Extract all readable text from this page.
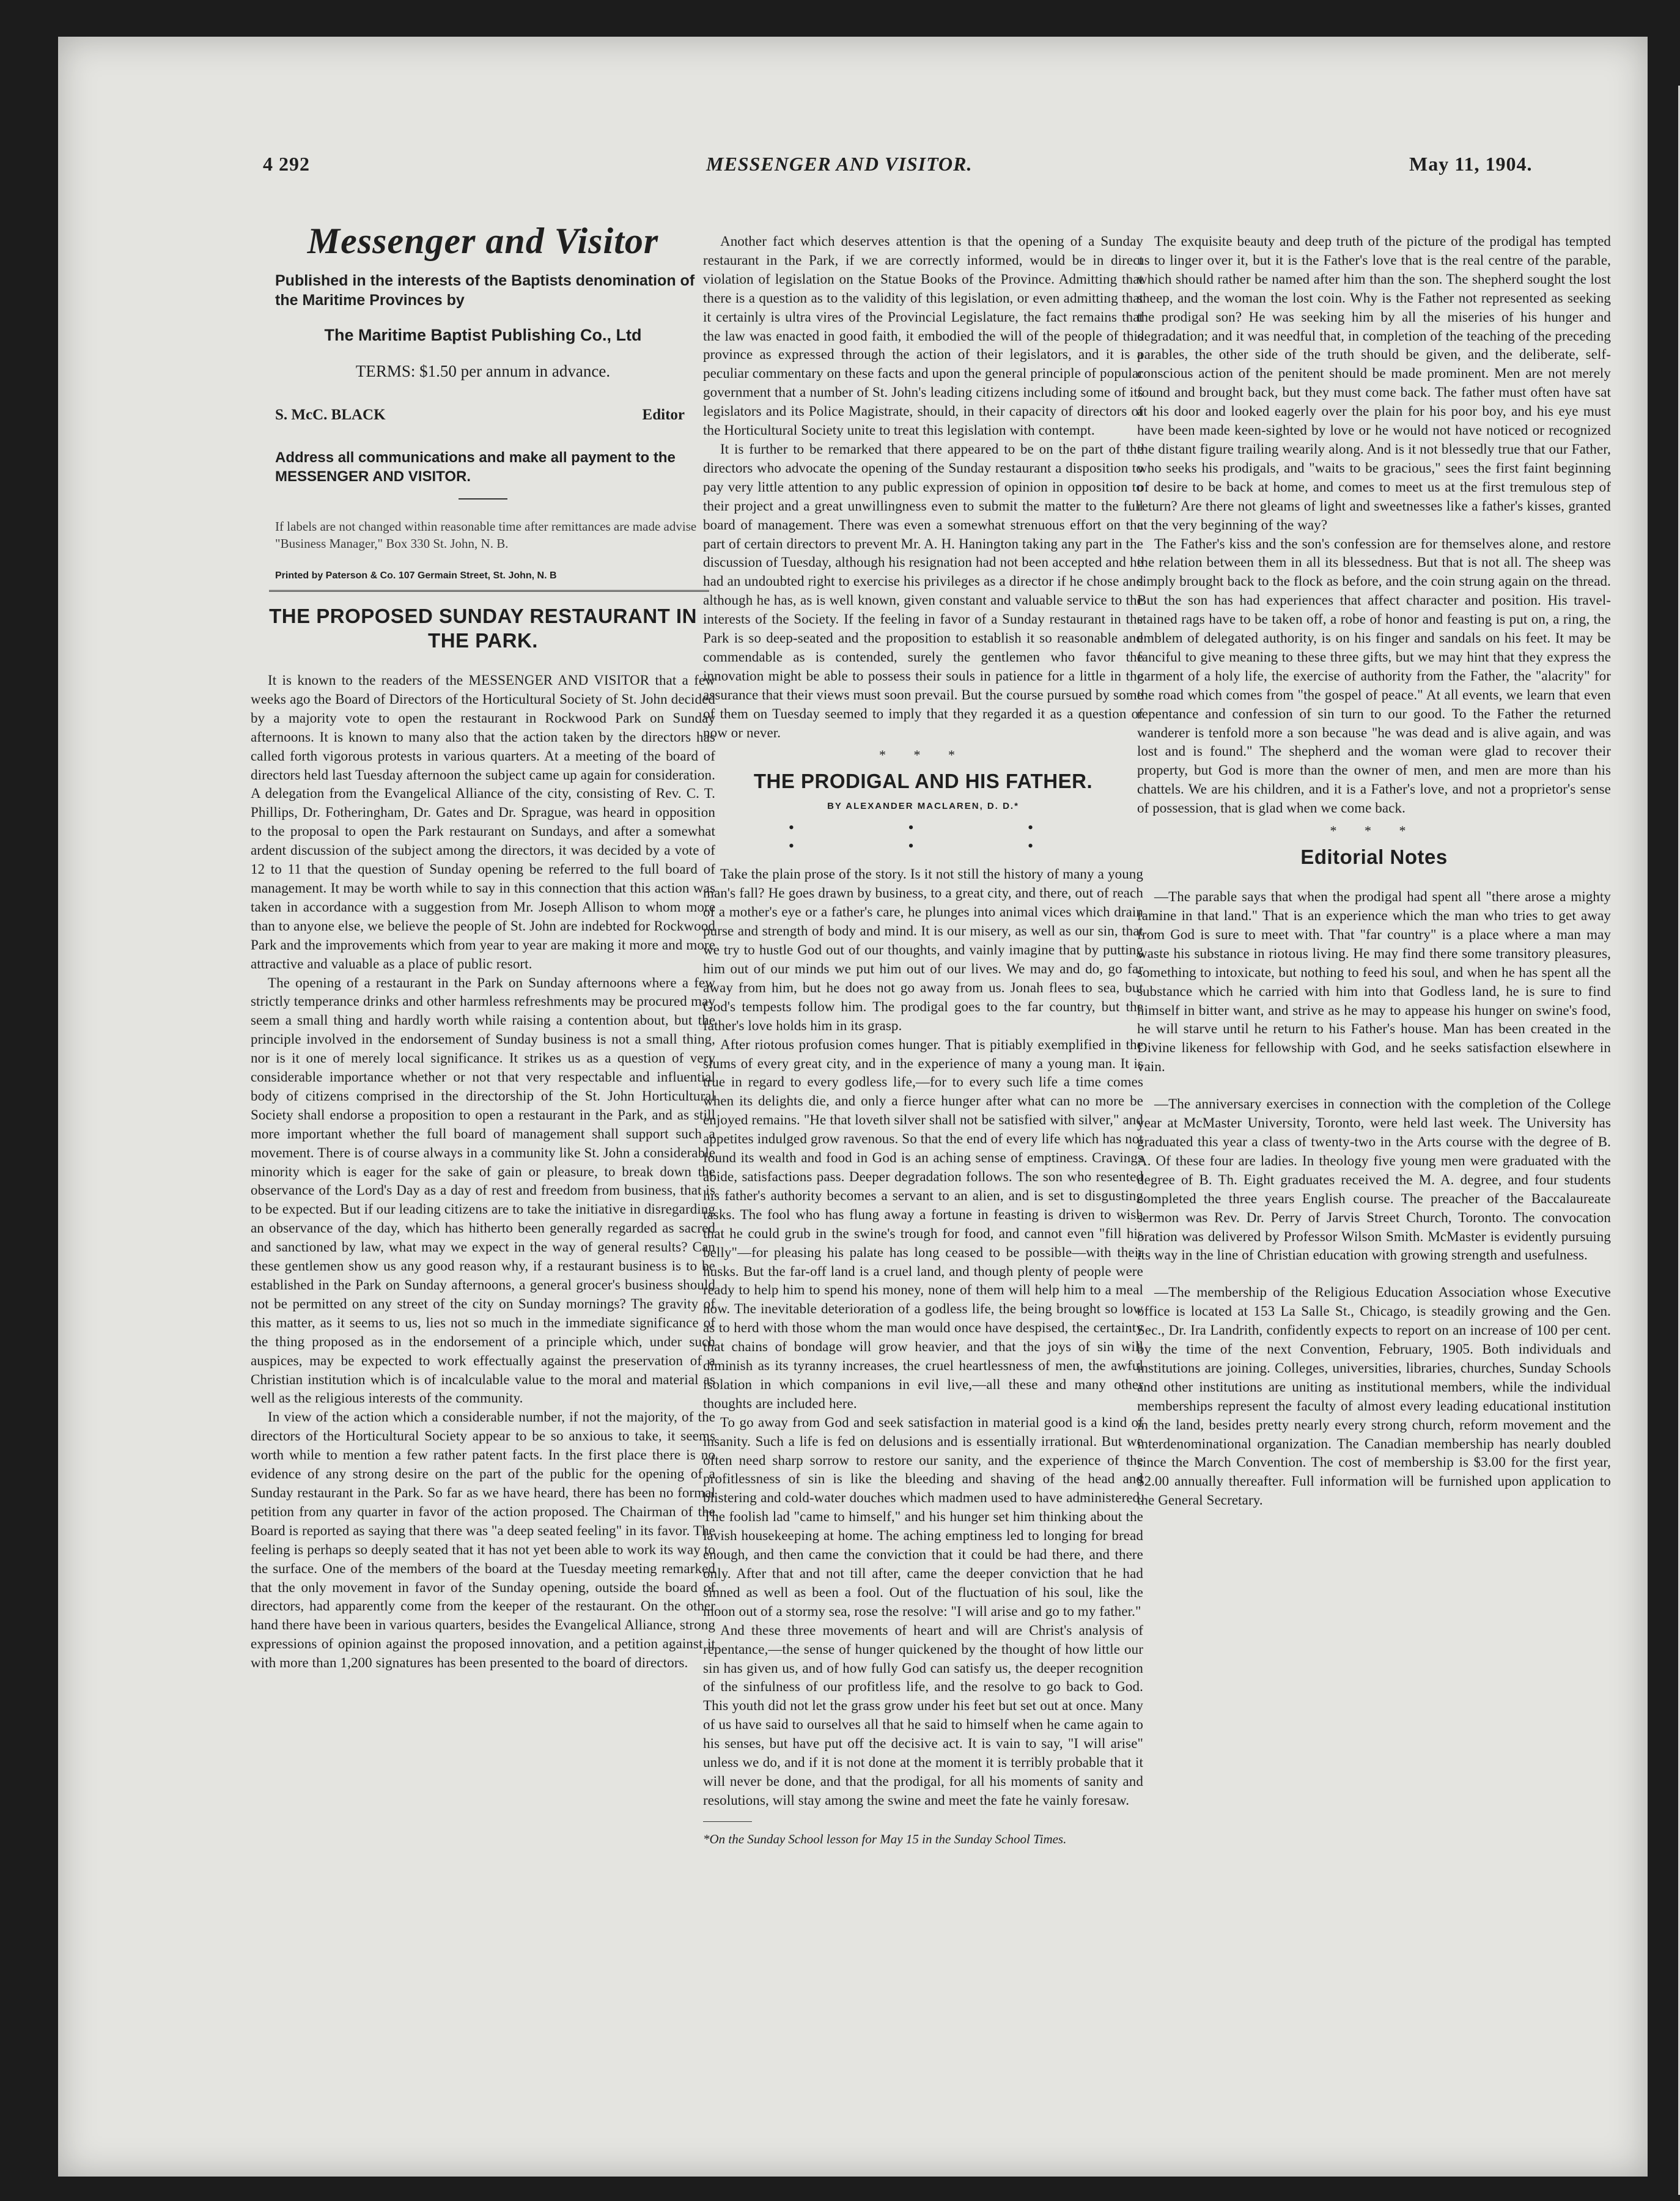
4 292	MESSENGER AND VISITOR.	May 11, 1904.
Messenger and Visitor
Published in the interests of the Baptists denomination of the Maritime Provinces by
The Maritime Baptist Publishing Co., Ltd
TERMS: $1.50 per annum in advance.
S. McC. BLACK	Editor
Address all communications and make all payment to the MESSENGER AND VISITOR.
If labels are not changed within reasonable time after remittances are made advise "Business Manager," Box 330 St. John, N. B.
Printed by Paterson & Co. 107 Germain Street, St. John, N. B
THE PROPOSED SUNDAY RESTAURANT IN THE PARK.

It is known to the readers of the MESSENGER AND VISITOR that a few weeks ago the Board of Directors of the Horticultural Society of St. John decided by a majority vote to open the restaurant in Rockwood Park on Sunday afternoons. It is known to many also that the action taken by the directors has called forth vigorous protests in various quarters. At a meeting of the board of directors held last Tuesday afternoon the subject came up again for consideration. A delegation from the Evangelical Alliance of the city, consisting of Rev. C. T. Phillips, Dr. Fotheringham, Dr. Gates and Dr. Sprague, was heard in opposition to the proposal to open the Park restaurant on Sundays, and after a somewhat ardent discussion of the subject among the directors, it was decided by a vote of 12 to 11 that the question of Sunday opening be referred to the full board of management. It may be worth while to say in this connection that this action was taken in accordance with a suggestion from Mr. Joseph Allison to whom more than to anyone else, we believe the people of St. John are indebted for Rockwood Park and the improvements which from year to year are making it more and more attractive and valuable as a place of public resort.

The opening of a restaurant in the Park on Sunday afternoons where a few strictly temperance drinks and other harmless refreshments may be procured may seem a small thing and hardly worth while raising a contention about, but the principle involved in the endorsement of Sunday business is not a small thing, nor is it one of merely local significance. It strikes us as a question of very considerable importance whether or not that very respectable and influential body of citizens comprised in the directorship of the St. John Horticultural Society shall endorse a proposition to open a restaurant in the Park, and as still more important whether the full board of management shall support such a movement. There is of course always in a community like St. John a considerable minority which is eager for the sake of gain or pleasure, to break down the observance of the Lord's Day as a day of rest and freedom from business, that is to be expected. But if our leading citizens are to take the initiative in disregarding an observance of the day, which has hitherto been generally regarded as sacred and sanctioned by law, what may we expect in the way of general results? Can these gentlemen show us any good reason why, if a restaurant business is to be established in the Park on Sunday afternoons, a general grocer's business should not be permitted on any street of the city on Sunday mornings? The gravity of this matter, as it seems to us, lies not so much in the immediate significance of the thing proposed as in the endorsement of a principle which, under such auspices, may be expected to work effectually against the preservation of a Christian institution which is of incalculable value to the moral and material as well as the religious interests of the community.

In view of the action which a considerable number, if not the majority, of the directors of the Horticultural Society appear to be so anxious to take, it seems worth while to mention a few rather patent facts. In the first place there is no evidence of any strong desire on the part of the public for the opening of a Sunday restaurant in the Park. So far as we have heard, there has been no formal petition from any quarter in favor of the action proposed. The Chairman of the Board is reported as saying that there was "a deep seated feeling" in its favor. The feeling is perhaps so deeply seated that it has not yet been able to work its way to the surface. One of the members of the board at the Tuesday meeting remarked that the only movement in favor of the Sunday opening, outside the board of directors, had apparently come from the keeper of the restaurant. On the other hand there have been in various quarters, besides the Evangelical Alliance, strong expressions of opinion against the proposed innovation, and a petition against it with more than 1,200 signatures has been presented to the board of directors.

Another fact which deserves attention is that the opening of a Sunday restaurant in the Park, if we are correctly informed, would be in direct violation of legislation on the Statue Books of the Province. Admitting that there is a question as to the validity of this legislation, or even admitting that it certainly is ultra vires of the Provincial Legislature, the fact remains that the law was enacted in good faith, it embodied the will of the people of this province as expressed through the action of their legislators, and it is a peculiar commentary on these facts and upon the general principle of popular government that a number of St. John's leading citizens including some of its legislators and its Police Magistrate, should, in their capacity of directors of the Horticultural Society unite to treat this legislation with contempt.

It is further to be remarked that there appeared to be on the part of the directors who advocate the opening of the Sunday restaurant a disposition to pay very little attention to any public expression of opinion in opposition to their project and a great unwillingness even to submit the matter to the full board of management. There was even a somewhat strenuous effort on the part of certain directors to prevent Mr. A. H. Hanington taking any part in the discussion of Tuesday, although his resignation had not been accepted and he had an undoubted right to exercise his privileges as a director if he chose and although he has, as is well known, given constant and valuable service to the interests of the Society. If the feeling in favor of a Sunday restaurant in the Park is so deep-seated and the proposition to establish it so reasonable and commendable as is contended, surely the gentlemen who favor the innovation might be able to possess their souls in patience for a little in the assurance that their views must soon prevail. But the course pursued by some of them on Tuesday seemed to imply that they regarded it as a question of now or never.

* * *
THE PRODIGAL AND HIS FATHER.
BY ALEXANDER MACLAREN, D. D.*
• • • • • •

Take the plain prose of the story. Is it not still the history of many a young man's fall? He goes drawn by business, to a great city, and there, out of reach of a mother's eye or a father's care, he plunges into animal vices which drain purse and strength of body and mind. It is our misery, as well as our sin, that we try to hustle God out of our thoughts, and vainly imagine that by putting him out of our minds we put him out of our lives. We may and do, go far away from him, but he does not go away from us. Jonah flees to sea, but God's tempests follow him. The prodigal goes to the far country, but the father's love holds him in its grasp.

After riotous profusion comes hunger. That is pitiably exemplified in the slums of every great city, and in the experience of many a young man. It is true in regard to every godless life,—for to every such life a time comes when its delights die, and only a fierce hunger after what can no more be enjoyed remains. "He that loveth silver shall not be satisfied with silver," and appetites indulged grow ravenous. So that the end of every life which has not found its wealth and food in God is an aching sense of emptiness. Cravings abide, satisfactions pass. Deeper degradation follows. The son who resented his father's authority becomes a servant to an alien, and is set to disgusting tasks. The fool who has flung away a fortune in feasting is driven to wish that he could grub in the swine's trough for food, and cannot even "fill his belly"—for pleasing his palate has long ceased to be possible—with their husks. But the far-off land is a cruel land, and though plenty of people were ready to help him to spend his money, none of them will help him to a meal now. The inevitable deterioration of a godless life, the being brought so low as to herd with those whom the man would once have despised, the certainty that chains of bondage will grow heavier, and that the joys of sin will diminish as its tyranny increases, the cruel heartlessness of men, the awful isolation in which companions in evil live,—all these and many other thoughts are included here.

To go away from God and seek satisfaction in material good is a kind of insanity. Such a life is fed on delusions and is essentially irrational. But we often need sharp sorrow to restore our sanity, and the experience of the profitlessness of sin is like the bleeding and shaving of the head and blistering and cold-water douches which madmen used to have administered. The foolish lad "came to himself," and his hunger set him thinking about the lavish housekeeping at home. The aching emptiness led to longing for bread enough, and then came the conviction that it could be had there, and there only. After that and not till after, came the deeper conviction that he had sinned as well as been a fool. Out of the fluctuation of his soul, like the moon out of a stormy sea, rose the resolve: "I will arise and go to my father."

And these three movements of heart and will are Christ's analysis of repentance,—the sense of hunger quickened by the thought of how little our sin has given us, and of how fully God can satisfy us, the deeper recognition of the sinfulness of our profitless life, and the resolve to go back to God. This youth did not let the grass grow under his feet but set out at once. Many of us have said to ourselves all that he said to himself when he came again to his senses, but have put off the decisive act. It is vain to say, "I will arise" unless we do, and if it is not done at the moment it is terribly probable that it will never be done, and that the prodigal, for all his moments of sanity and resolutions, will stay among the swine and meet the fate he vainly foresaw.

*On the Sunday School lesson for May 15 in the Sunday School Times.

The exquisite beauty and deep truth of the picture of the prodigal has tempted us to linger over it, but it is the Father's love that is the real centre of the parable, which should rather be named after him than the son. The shepherd sought the lost sheep, and the woman the lost coin. Why is the Father not represented as seeking the prodigal son? He was seeking him by all the miseries of his hunger and degradation; and it was needful that, in completion of the teaching of the preceding parables, the other side of the truth should be given, and the deliberate, self-conscious action of the penitent should be made prominent. Men are not merely found and brought back, but they must come back. The father must often have sat at his door and looked eagerly over the plain for his poor boy, and his eye must have been made keen-sighted by love or he would not have noticed or recognized the distant figure trailing wearily along. And is it not blessedly true that our Father, who seeks his prodigals, and "waits to be gracious," sees the first faint beginning of desire to be back at home, and comes to meet us at the first tremulous step of return? Are there not gleams of light and sweetnesses like a father's kisses, granted at the very beginning of the way?

The Father's kiss and the son's confession are for themselves alone, and restore the relation between them in all its blessedness. But that is not all. The sheep was simply brought back to the flock as before, and the coin strung again on the thread. But the son has had experiences that affect character and position. His travel-stained rags have to be taken off, a robe of honor and feasting is put on, a ring, the emblem of delegated authority, is on his finger and sandals on his feet. It may be fanciful to give meaning to these three gifts, but we may hint that they express the garment of a holy life, the exercise of authority from the Father, the "alacrity" for the road which comes from "the gospel of peace." At all events, we learn that even repentance and confession of sin turn to our good. To the Father the returned wanderer is tenfold more a son because "he was dead and is alive again, and was lost and is found." The shepherd and the woman were glad to recover their property, but God is more than the owner of men, and men are more than his chattels. We are his children, and it is a Father's love, and not a proprietor's sense of possession, that is glad when we come back.

* * *
Editorial Notes

—The parable says that when the prodigal had spent all "there arose a mighty famine in that land." That is an experience which the man who tries to get away from God is sure to meet with. That "far country" is a place where a man may waste his substance in riotous living. He may find there some transitory pleasures, something to intoxicate, but nothing to feed his soul, and when he has spent all the substance which he carried with him into that Godless land, he is sure to find himself in bitter want, and strive as he may to appease his hunger on swine's food, he will starve until he return to his Father's house. Man has been created in the Divine likeness for fellowship with God, and he seeks satisfaction elsewhere in vain.

—The anniversary exercises in connection with the completion of the College year at McMaster University, Toronto, were held last week. The University has graduated this year a class of twenty-two in the Arts course with the degree of B. A. Of these four are ladies. In theology five young men were graduated with the degree of B. Th. Eight graduates received the M. A. degree, and four students completed the three years English course. The preacher of the Baccalaureate sermon was Rev. Dr. Perry of Jarvis Street Church, Toronto. The convocation oration was delivered by Professor Wilson Smith. McMaster is evidently pursuing its way in the line of Christian education with growing strength and usefulness.

—The membership of the Religious Education Association whose Executive office is located at 153 La Salle St., Chicago, is steadily growing and the Gen. Sec., Dr. Ira Landrith, confidently expects to report on an increase of 100 per cent. by the time of the next Convention, February, 1905. Both individuals and institutions are joining. Colleges, universities, libraries, churches, Sunday Schools and other institutions are uniting as institutional members, while the individual memberships represent the faculty of almost every leading educational institution in the land, besides pretty nearly every strong church, reform movement and the interdenominational organization. The Canadian membership has nearly doubled since the March Convention. The cost of membership is $3.00 for the first year, $2.00 annually thereafter. Full information will be furnished upon application to the General Secretary.
